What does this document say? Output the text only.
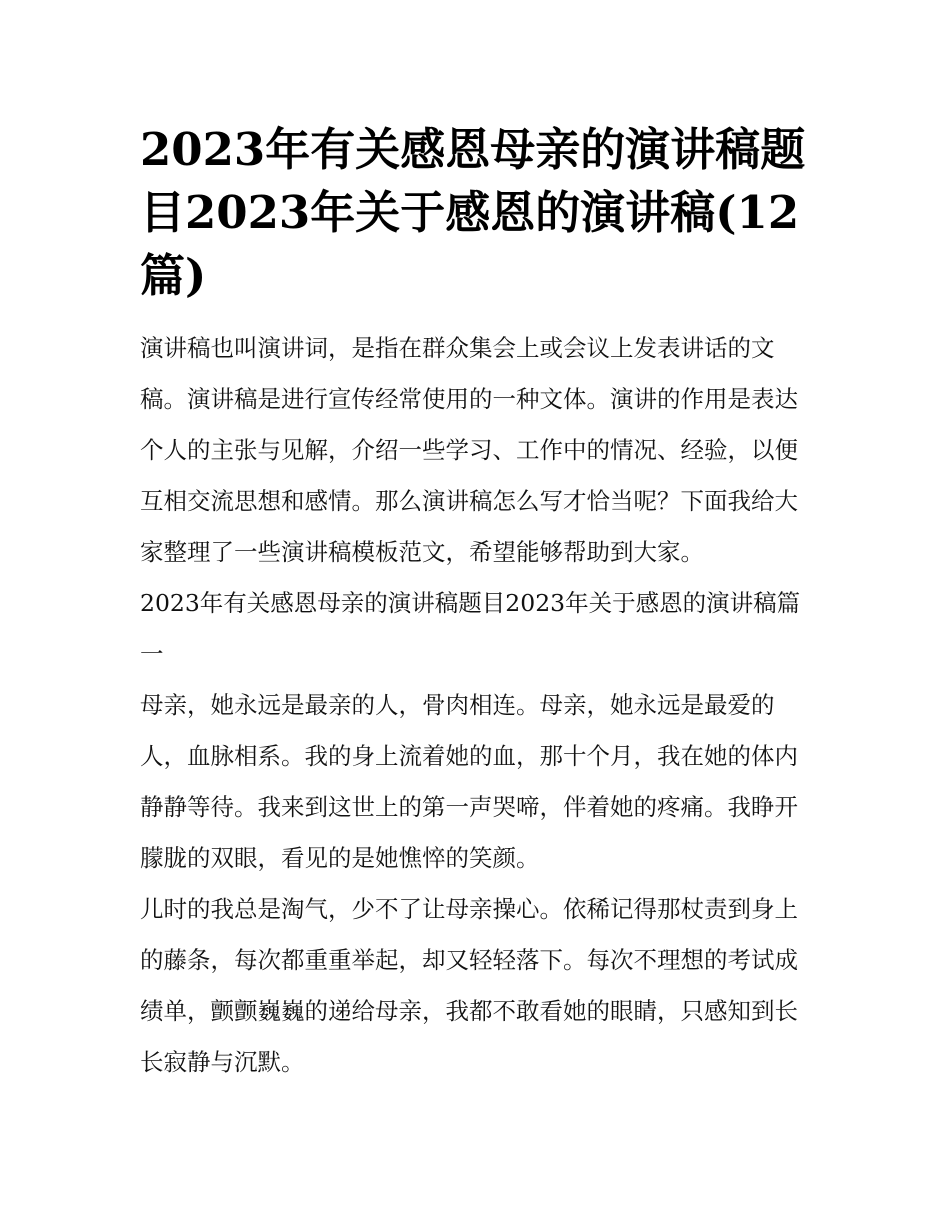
2023年有关感恩母亲的演讲稿题目2023年关于感恩的演讲稿(12篇)

演讲稿也叫演讲词，是指在群众集会上或会议上发表讲话的文稿。演讲稿是进行宣传经常使用的一种文体。演讲的作用是表达个人的主张与见解，介绍一些学习、工作中的情况、经验，以便互相交流思想和感情。那么演讲稿怎么写才恰当呢？下面我给大家整理了一些演讲稿模板范文，希望能够帮助到大家。

2023年有关感恩母亲的演讲稿题目2023年关于感恩的演讲稿篇一

母亲，她永远是最亲的人，骨肉相连。母亲，她永远是最爱的人，血脉相系。我的身上流着她的血，那十个月，我在她的体内静静等待。我来到这世上的第一声哭啼，伴着她的疼痛。我睁开朦胧的双眼，看见的是她憔悴的笑颜。

儿时的我总是淘气，少不了让母亲操心。依稀记得那杖责到身上的藤条，每次都重重举起，却又轻轻落下。每次不理想的考试成绩单，颤颤巍巍的递给母亲，我都不敢看她的眼睛，只感知到长长寂静与沉默。
